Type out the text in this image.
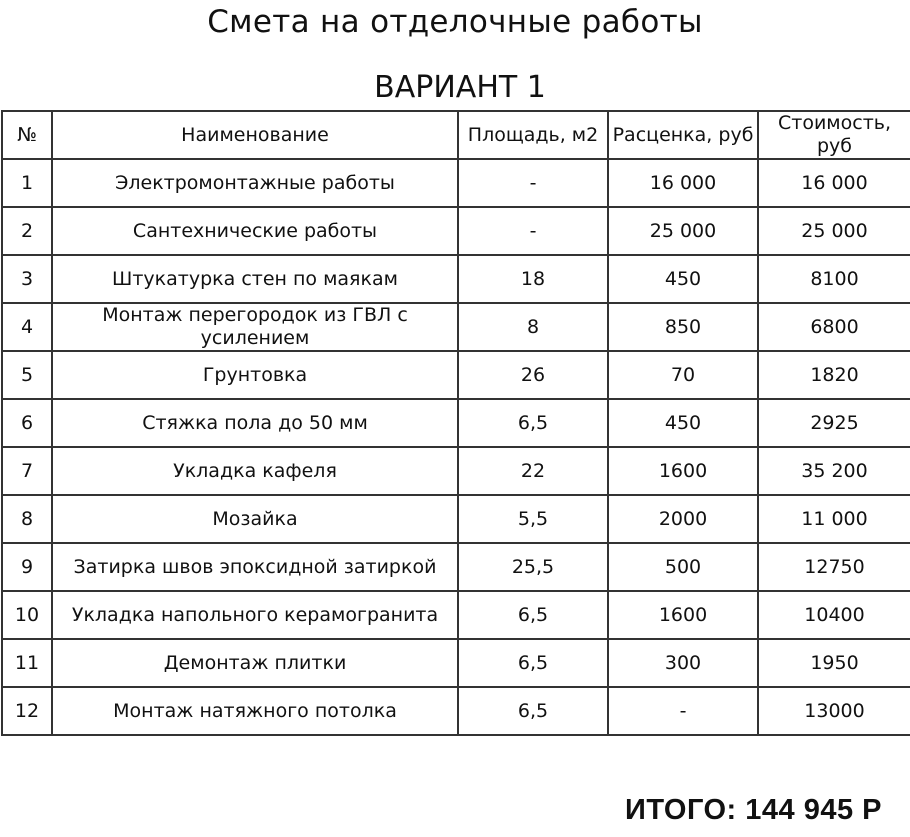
Смета на отделочные работы
ВАРИАНТ 1
№	Наименование	Площадь, м2	Расценка, руб	Стоимость, руб
1	Электромонтажные работы	-	16 000	16 000
2	Сантехнические работы	-	25 000	25 000
3	Штукатурка стен по маякам	18	450	8100
4	Монтаж перегородок из ГВЛ с усилением	8	850	6800
5	Грунтовка	26	70	1820
6	Стяжка пола до 50 мм	6,5	450	2925
7	Укладка кафеля	22	1600	35 200
8	Мозайка	5,5	2000	11 000
9	Затирка швов эпоксидной затиркой	25,5	500	12750
10	Укладка напольного керамогранита	6,5	1600	10400
11	Демонтаж плитки	6,5	300	1950
12	Монтаж натяжного потолка	6,5	-	13000
ИТОГО: 144 945 Р
